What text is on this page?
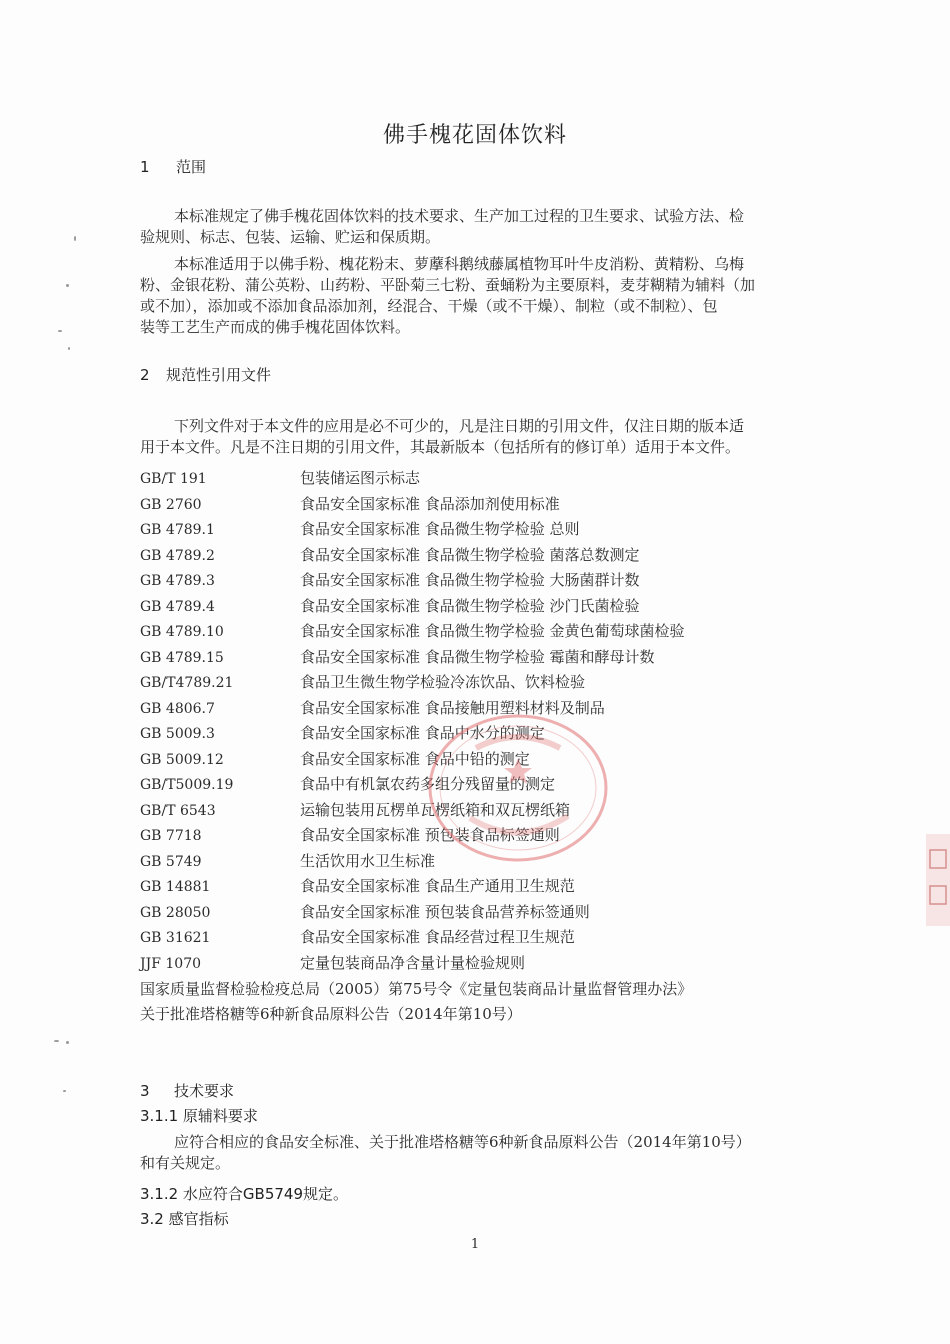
佛手槐花固体饮料
1 范围
本标准规定了佛手槐花固体饮料的技术要求、生产加工过程的卫生要求、试验方法、检
验规则、标志、包装、运输、贮运和保质期。
本标准适用于以佛手粉、槐花粉末、萝藦科鹅绒藤属植物耳叶牛皮消粉、黄精粉、乌梅
粉、金银花粉、蒲公英粉、山药粉、平卧菊三七粉、蚕蛹粉为主要原料，麦芽糊精为辅料（加
或不加），添加或不添加食品添加剂，经混合、干燥（或不干燥）、制粒（或不制粒）、包
装等工艺生产而成的佛手槐花固体饮料。
2 规范性引用文件
下列文件对于本文件的应用是必不可少的，凡是注日期的引用文件，仅注日期的版本适
用于本文件。凡是不注日期的引用文件，其最新版本（包括所有的修订单）适用于本文件。
GB/T 191	包装储运图示标志
GB 2760	食品安全国家标准 食品添加剂使用标准
GB 4789.1	食品安全国家标准 食品微生物学检验 总则
GB 4789.2	食品安全国家标准 食品微生物学检验 菌落总数测定
GB 4789.3	食品安全国家标准 食品微生物学检验 大肠菌群计数
GB 4789.4	食品安全国家标准 食品微生物学检验 沙门氏菌检验
GB 4789.10	食品安全国家标准 食品微生物学检验 金黄色葡萄球菌检验
GB 4789.15	食品安全国家标准 食品微生物学检验 霉菌和酵母计数
GB/T4789.21	食品卫生微生物学检验冷冻饮品、饮料检验
GB 4806.7	食品安全国家标准 食品接触用塑料材料及制品
GB 5009.3	食品安全国家标准 食品中水分的测定
GB 5009.12	食品安全国家标准 食品中铅的测定
GB/T5009.19	食品中有机氯农药多组分残留量的测定
GB/T 6543	运输包装用瓦楞单瓦楞纸箱和双瓦楞纸箱
GB 7718	食品安全国家标准 预包装食品标签通则
GB 5749	生活饮用水卫生标准
GB 14881	食品安全国家标准 食品生产通用卫生规范
GB 28050	食品安全国家标准 预包装食品营养标签通则
GB 31621	食品安全国家标准 食品经营过程卫生规范
JJF 1070	定量包装商品净含量计量检验规则
国家质量监督检验检疫总局（2005）第75号令《定量包装商品计量监督管理办法》
关于批准塔格糖等6种新食品原料公告（2014年第10号）
3 技术要求
3.1.1 原辅料要求
应符合相应的食品安全标准、关于批准塔格糖等6种新食品原料公告（2014年第10号）
和有关规定。
3.1.2 水应符合GB5749规定。
3.2 感官指标
1
